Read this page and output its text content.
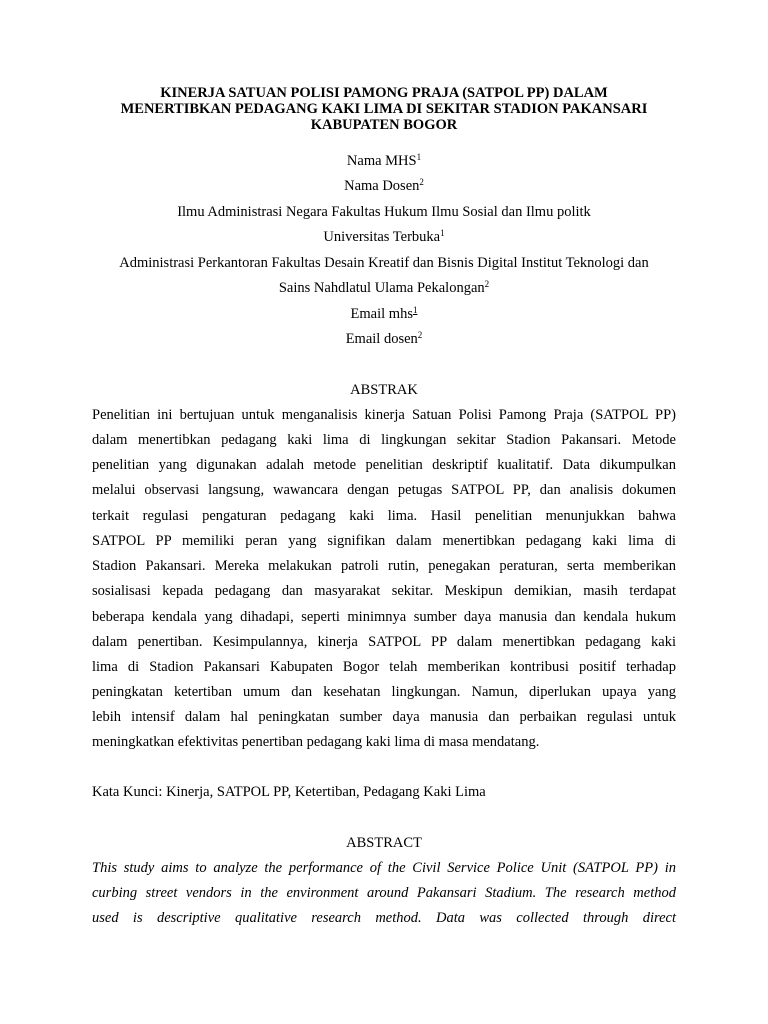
KINERJA SATUAN POLISI PAMONG PRAJA (SATPOL PP) DALAM
MENERTIBKAN PEDAGANG KAKI LIMA DI SEKITAR STADION PAKANSARI
KABUPATEN BOGOR
Nama MHS$^1$
Nama Dosen$^2$
Ilmu Administrasi Negara Fakultas Hukum Ilmu Sosial dan Ilmu politk
Universitas Terbuka$^1$
Administrasi Perkantoran Fakultas Desain Kreatif dan Bisnis Digital Institut Teknologi dan
Sains Nahdlatul Ulama Pekalongan$^2$
Email mhs$^1$
Email dosen$^2$
ABSTRAK
Penelitian ini bertujuan untuk menganalisis kinerja Satuan Polisi Pamong Praja (SATPOL PP)
dalam menertibkan pedagang kaki lima di lingkungan sekitar Stadion Pakansari. Metode
penelitian yang digunakan adalah metode penelitian deskriptif kualitatif. Data dikumpulkan
melalui observasi langsung, wawancara dengan petugas SATPOL PP, dan analisis dokumen
terkait regulasi pengaturan pedagang kaki lima. Hasil penelitian menunjukkan bahwa
SATPOL PP memiliki peran yang signifikan dalam menertibkan pedagang kaki lima di
Stadion Pakansari. Mereka melakukan patroli rutin, penegakan peraturan, serta memberikan
sosialisasi kepada pedagang dan masyarakat sekitar. Meskipun demikian, masih terdapat
beberapa kendala yang dihadapi, seperti minimnya sumber daya manusia dan kendala hukum
dalam penertiban. Kesimpulannya, kinerja SATPOL PP dalam menertibkan pedagang kaki
lima di Stadion Pakansari Kabupaten Bogor telah memberikan kontribusi positif terhadap
peningkatan ketertiban umum dan kesehatan lingkungan. Namun, diperlukan upaya yang
lebih intensif dalam hal peningkatan sumber daya manusia dan perbaikan regulasi untuk
meningkatkan efektivitas penertiban pedagang kaki lima di masa mendatang.
Kata Kunci: Kinerja, SATPOL PP, Ketertiban, Pedagang Kaki Lima
ABSTRACT
This study aims to analyze the performance of the Civil Service Police Unit (SATPOL PP) in
curbing street vendors in the environment around Pakansari Stadium. The research method
used is descriptive qualitative research method. Data was collected through direct
